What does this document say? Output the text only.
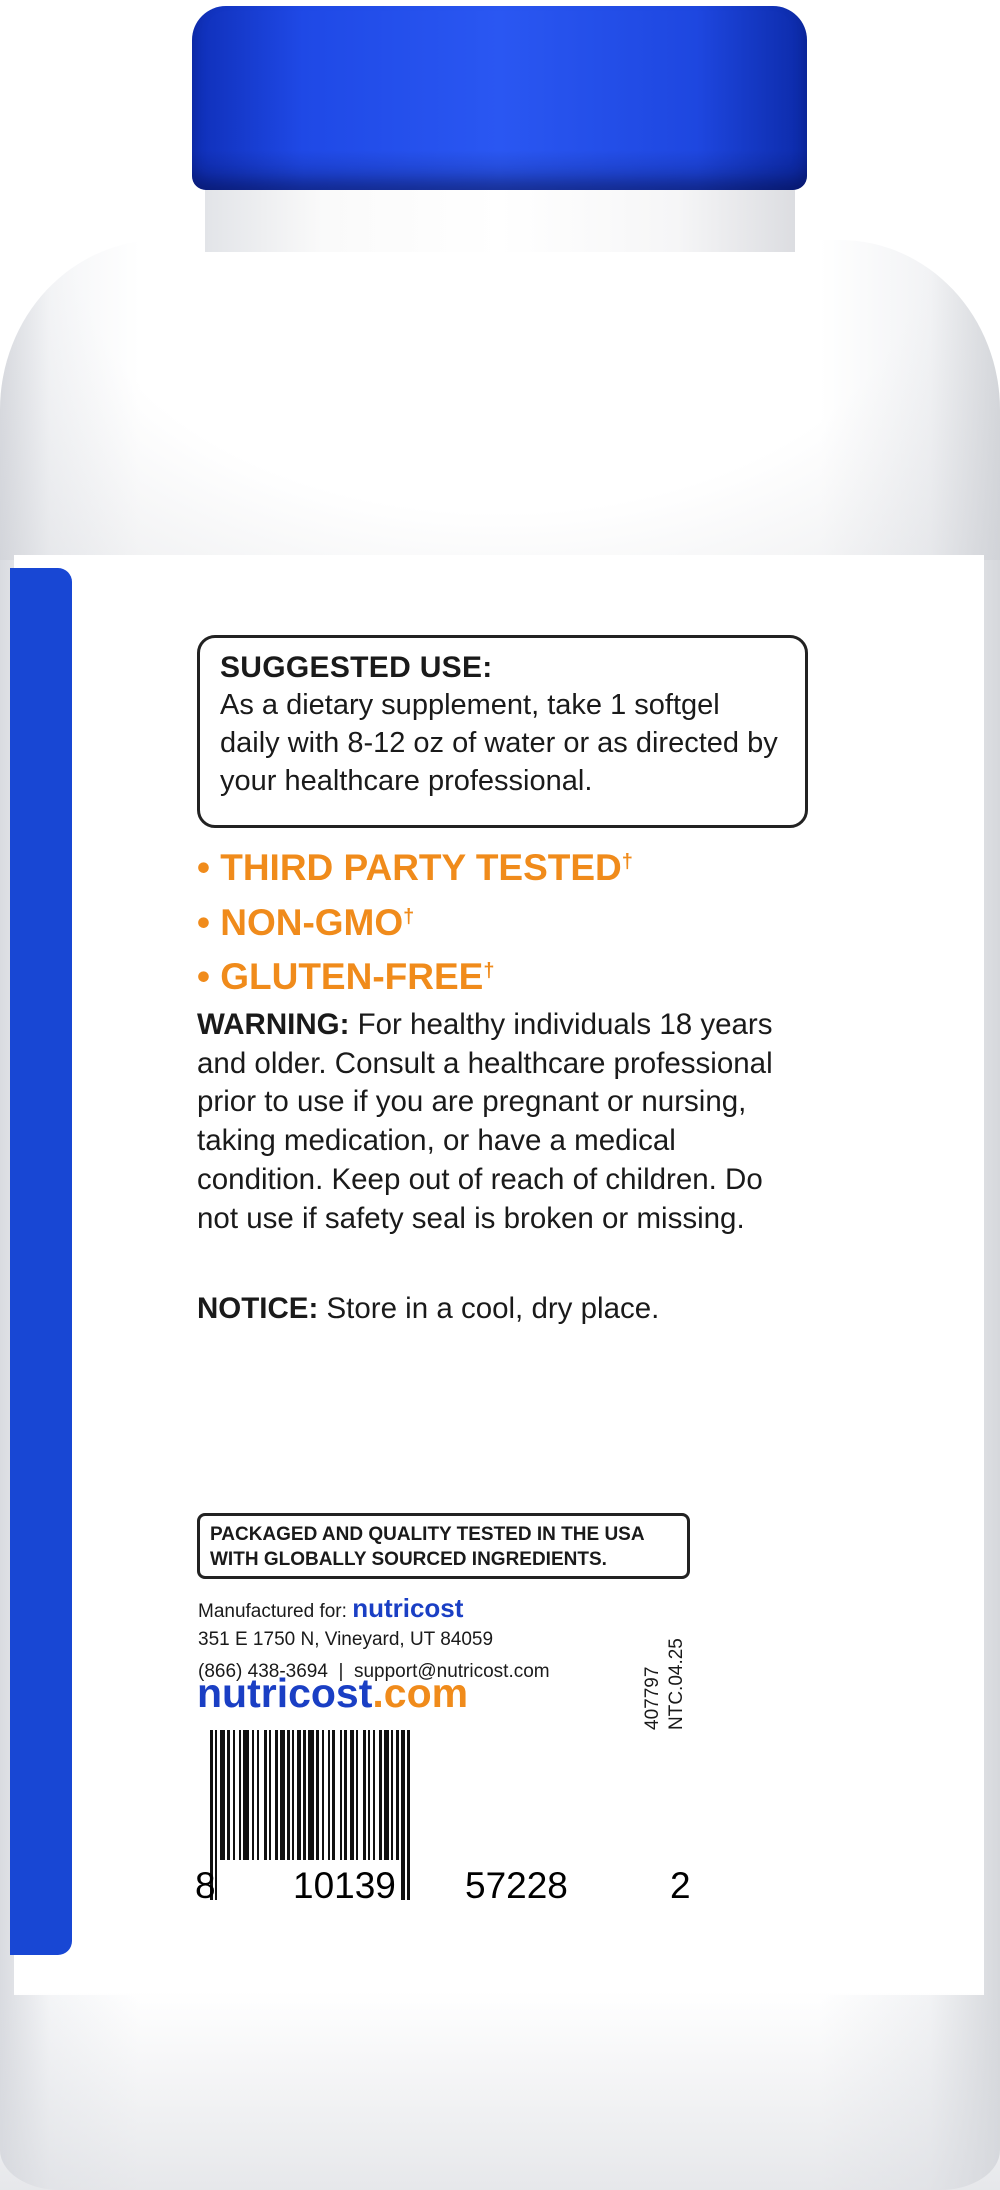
SUGGESTED USE:
As a dietary supplement, take 1 softgel daily with 8-12 oz of water or as directed by your healthcare professional.
• THIRD PARTY TESTED†
• NON-GMO†
• GLUTEN-FREE†
WARNING: For healthy individuals 18 years and older. Consult a healthcare professional prior to use if you are pregnant or nursing, taking medication, or have a medical condition. Keep out of reach of children. Do not use if safety seal is broken or missing.
NOTICE: Store in a cool, dry place.
PACKAGED AND QUALITY TESTED IN THE USA
WITH GLOBALLY SOURCED INGREDIENTS.
Manufactured for: nutricost
351 E 1750 N, Vineyard, UT 84059
(866) 438-3694  |  support@nutricost.com
nutricost.com	407797 NTC.04.25
8 10139 57228	2
